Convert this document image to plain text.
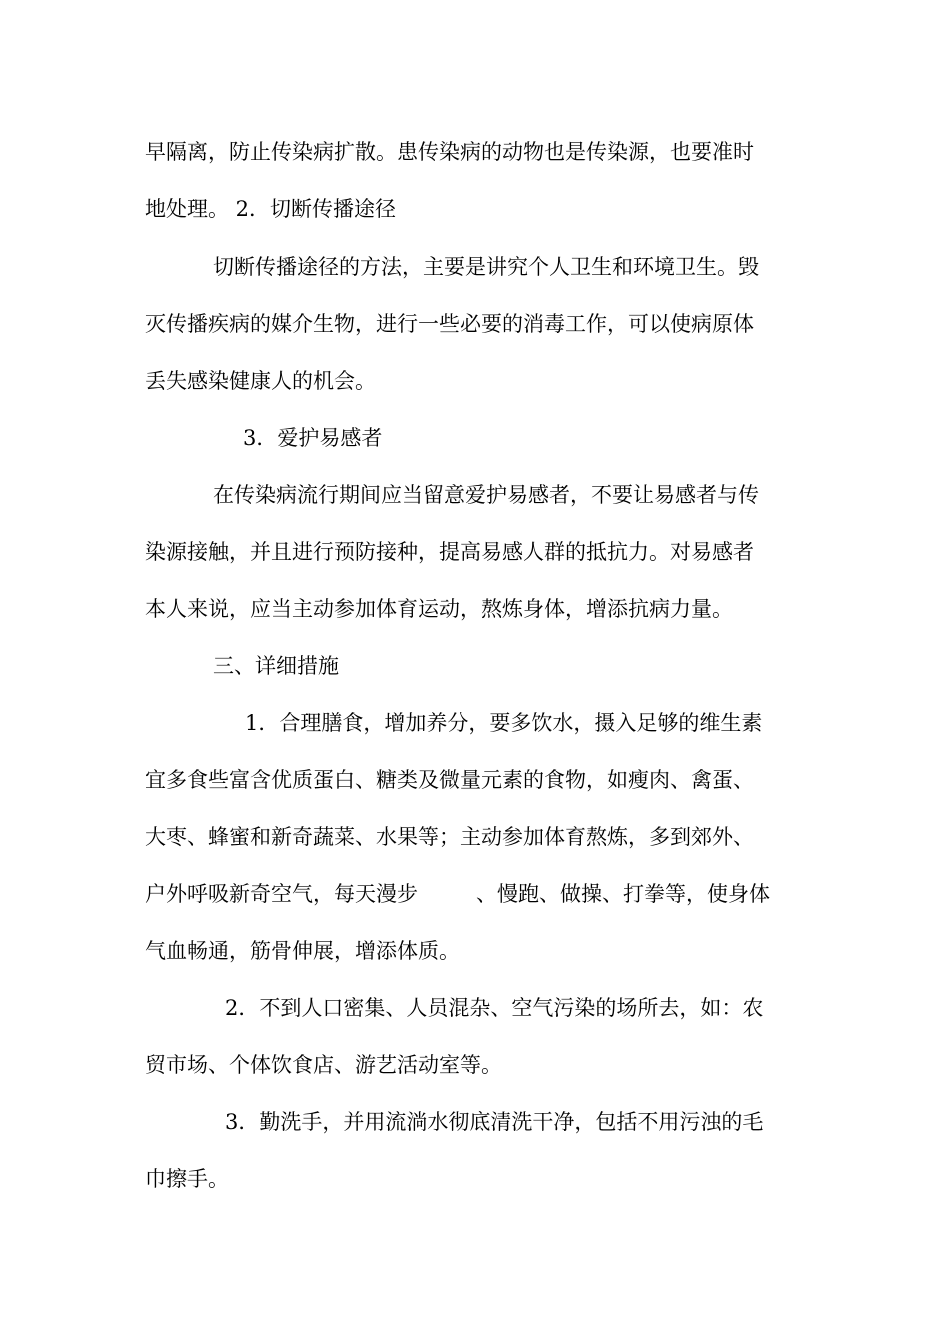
早隔离，防止传染病扩散。患传染病的动物也是传染源，也要准时
地处理。 2．切断传播途径
切断传播途径的方法，主要是讲究个人卫生和环境卫生。毁
灭传播疾病的媒介生物，进行一些必要的消毒工作，可以使病原体
丢失感染健康人的机会。
3．爱护易感者
在传染病流行期间应当留意爱护易感者，不要让易感者与传
染源接触，并且进行预防接种，提高易感人群的抵抗力。对易感者
本人来说，应当主动参加体育运动，熬炼身体，增添抗病力量。
三、详细措施
1．合理膳食，增加养分，要多饮水，摄入足够的维生素
宜多食些富含优质蛋白、糖类及微量元素的食物，如瘦肉、禽蛋、
大枣、蜂蜜和新奇蔬菜、水果等；主动参加体育熬炼，多到郊外、
户外呼吸新奇空气，每天漫步	、慢跑、做操、打拳等，使身体
气血畅通，筋骨伸展，增添体质。
2．不到人口密集、人员混杂、空气污染的场所去，如：农
贸市场、个体饮食店、游艺活动室等。
3．勤洗手，并用流淌水彻底清洗干净，包括不用污浊的毛
巾擦手。
